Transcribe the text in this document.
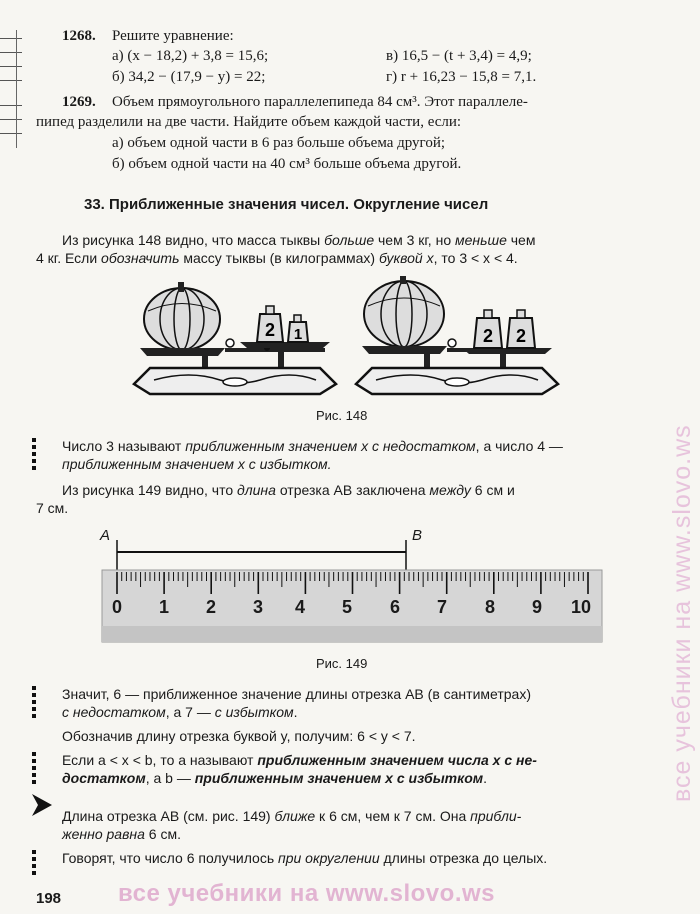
1268. Решите уравнение:
а) (x − 18,2) + 3,8 = 15,6;	в) 16,5 − (t + 3,4) = 4,9;
б) 34,2 − (17,9 − y) = 22;	г) r + 16,23 − 15,8 = 7,1.
1269. Объем прямоугольного параллелепипеда 84 см³. Этот параллеле-
пипед разделили на две части. Найдите объем каждой части, если:
а) объем одной части в 6 раз больше объема другой;
б) объем одной части на 40 см³ больше объема другой.
33. Приближенные значения чисел. Округление чисел
Из рисунка 148 видно, что масса тыквы больше чем 3 кг, но меньше чем
4 кг. Если обозначить массу тыквы (в килограммах) буквой x, то 3 < x < 4.
2 1	2 2
Рис. 148
Число 3 называют приближенным значением x с недостатком, а число 4 —
приближенным значением x с избытком.
Из рисунка 149 видно, что длина отрезка AB заключена между 6 см и
7 см.
A	B
0 1 2 3 4 5 6 7 8 9 10
Рис. 149
Значит, 6 — приближенное значение длины отрезка AB (в сантиметрах)
с недостатком, а 7 — с избытком.
Обозначив длину отрезка буквой y, получим: 6 < y < 7.
Если a < x < b, то a называют приближенным значением числа x с не-
достатком, а b — приближенным значением x с избытком.
Длина отрезка AB (см. рис. 149) ближе к 6 см, чем к 7 см. Она прибли-
женно равна 6 см.
Говорят, что число 6 получилось при округлении длины отрезка до целых.
198 все учебники на www.slovo.ws
все учебники на www.slovo.ws
